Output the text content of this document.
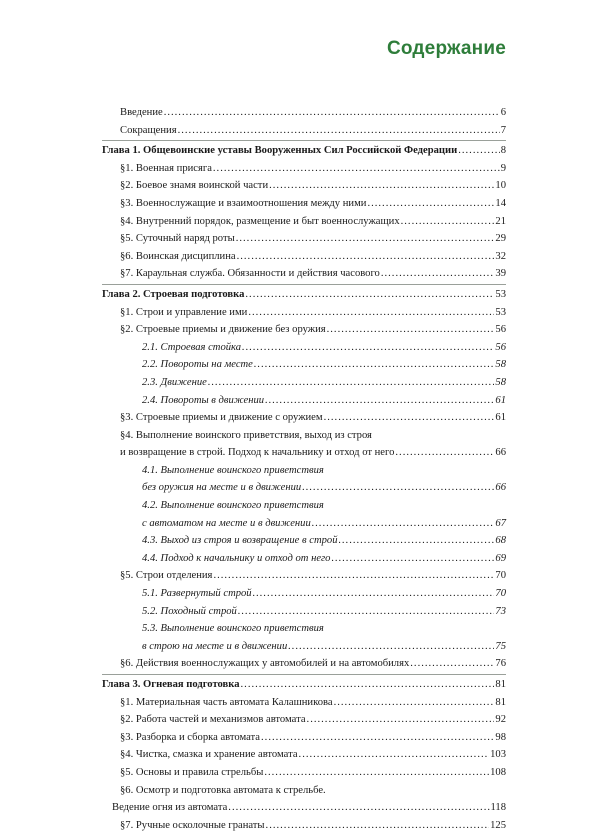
Содержание
Введение .....	6
Сокращения .....	7
Глава 1. Общевоинские уставы Вооруженных Сил Российской Федерации .....	8
§1. Военная присяга .....	9
§2. Боевое знамя воинской части .....	10
§3. Военнослужащие и взаимоотношения между ними .....	14
§4. Внутренний порядок, размещение и быт военнослужащих .....	21
§5. Суточный наряд роты .....	29
§6. Воинская дисциплина .....	32
§7. Караульная служба. Обязанности и действия часового .....	39
Глава 2. Строевая подготовка .....	53
§1. Строи и управление ими .....	53
§2. Строевые приемы и движение без оружия .....	56
2.1. Строевая стойка .....	56
2.2. Повороты на месте .....	58
2.3. Движение .....	58
2.4. Повороты в движении .....	61
§3. Строевые приемы и движение с оружием .....	61
§4. Выполнение воинского приветствия, выход из строя
и возвращение в строй. Подход к начальнику и отход от него .....	66
4.1. Выполнение воинского приветствия
без оружия на месте и в движении .....	66
4.2. Выполнение воинского приветствия
с автоматом на месте и в движении .....	67
4.3. Выход из строя и возвращение в строй .....	68
4.4. Подход к начальнику и отход от него .....	69
§5. Строи отделения .....	70
5.1. Развернутый строй .....	70
5.2. Походный строй .....	73
5.3. Выполнение воинского приветствия
в строю на месте и в движении .....	75
§6. Действия военнослужащих у автомобилей и на автомобилях .....	76
Глава 3. Огневая подготовка .....	81
§1. Материальная часть автомата Калашникова .....	81
§2. Работа частей и механизмов автомата .....	92
§3. Разборка и сборка автомата .....	98
§4. Чистка, смазка и хранение автомата .....	103
§5. Основы и правила стрельбы .....	108
§6. Осмотр и подготовка автомата к стрельбе.
Ведение огня из автомата .....	118
§7. Ручные осколочные гранаты .....	125
